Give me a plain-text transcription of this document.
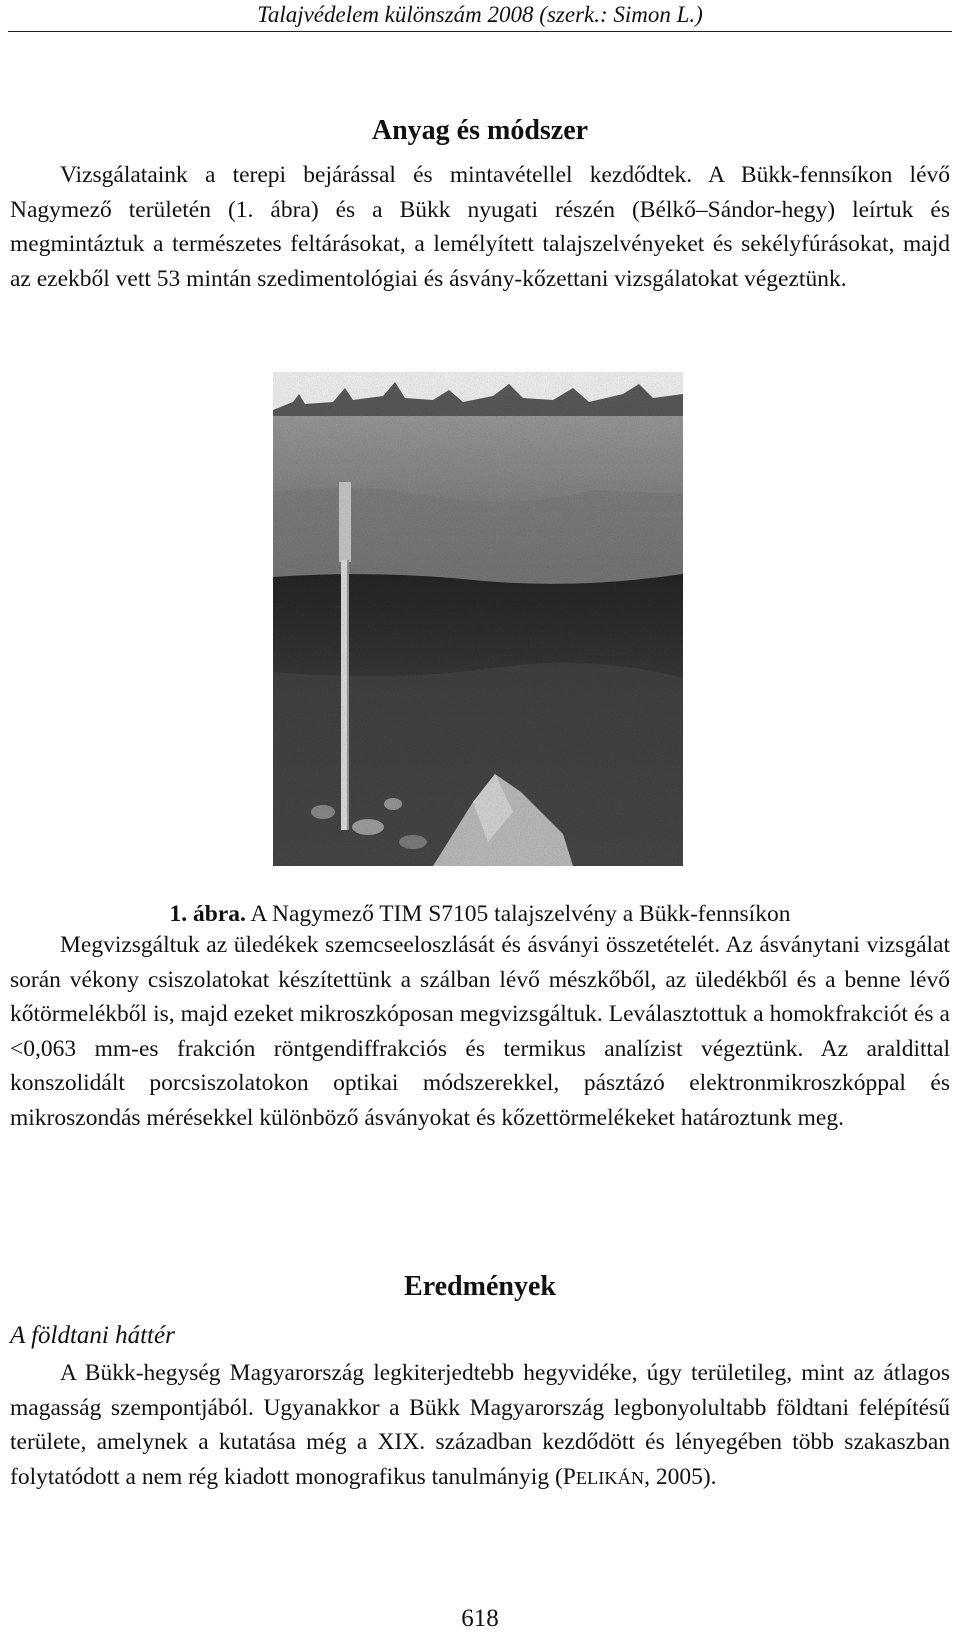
Talajvédelem különszám 2008 (szerk.: Simon L.)
Anyag és módszer

Vizsgálataink a terepi bejárással és mintavétellel kezdődtek. A Bükk-fennsíkon lévő Nagymező területén (1. ábra) és a Bükk nyugati részén (Bélkő–Sándor-hegy) leírtuk és megmintáztuk a természetes feltárásokat, a lemélyített talajszelvényeket és sekélyfúrásokat, majd az ezekből vett 53 mintán szedimentológiai és ásvány-kőzettani vizsgálatokat végeztünk.

1. ábra. A Nagymező TIM S7105 talajszelvény a Bükk-fennsíkon

Megvizsgáltuk az üledékek szemcseeloszlását és ásványi összetételét. Az ásványtani vizsgálat során vékony csiszolatokat készítettünk a szálban lévő mészkőből, az üledékből és a benne lévő kőtörmelékből is, majd ezeket mikroszkóposan megvizsgáltuk. Leválasztottuk a homokfrakciót és a <0,063 mm-es frakción röntgendiffrakciós és termikus analízist végeztünk. Az araldittal konszolidált porcsiszolatokon optikai módszerekkel, pásztázó elektronmikroszkóppal és mikroszondás mérésekkel különböző ásványokat és kőzettörmelékeket határoztunk meg.

Eredmények
A földtani háttér

A Bükk-hegység Magyarország legkiterjedtebb hegyvidéke, úgy területileg, mint az átlagos magasság szempontjából. Ugyanakkor a Bükk Magyarország legbonyolultabb földtani felépítésű területe, amelynek a kutatása még a XIX. században kezdődött és lényegében több szakaszban folytatódott a nem rég kiadott monografikus tanulmányig (PELIKÁN, 2005).

618
